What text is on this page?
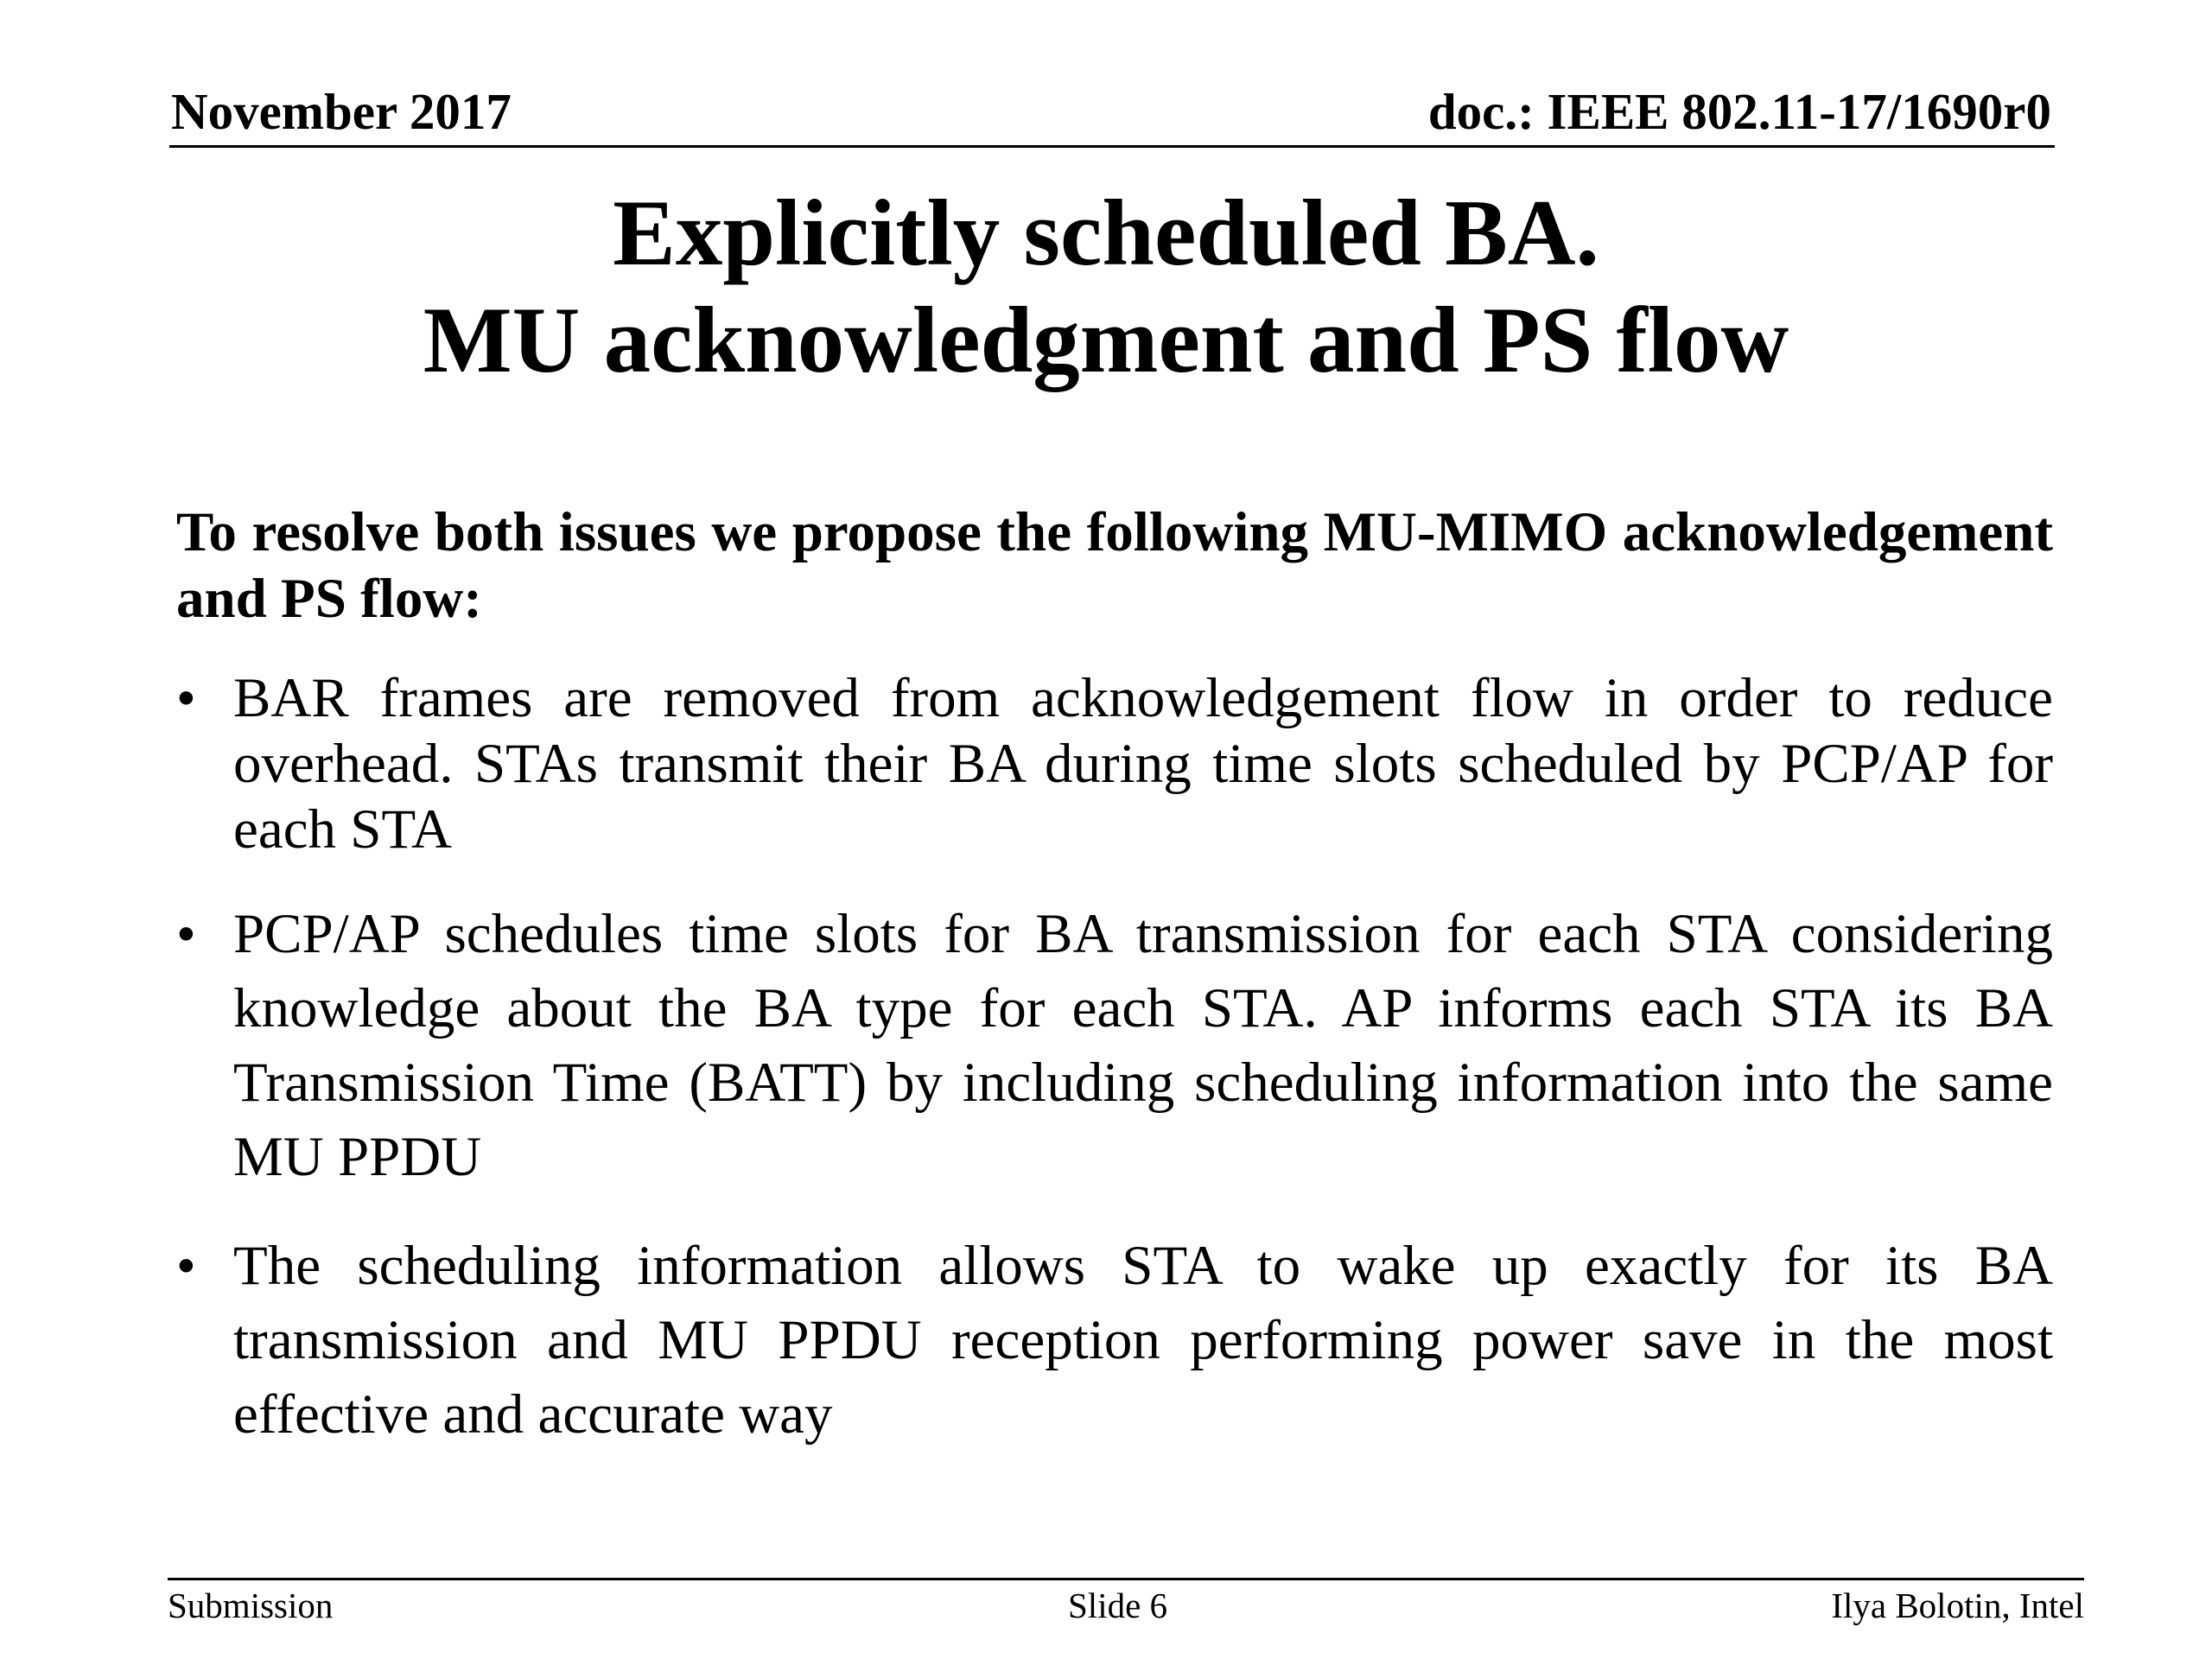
November 2017	doc.: IEEE 802.11-17/1690r0
Explicitly scheduled BA.
MU acknowledgment and PS flow
To resolve both issues we propose the following MU-MIMO acknowledgement and PS flow:
• BAR frames are removed from acknowledgement flow in order to reduce overhead. STAs transmit their BA during time slots scheduled by PCP/AP for each STA
• PCP/AP schedules time slots for BA transmission for each STA considering knowledge about the BA type for each STA. AP informs each STA its BA Transmission Time (BATT) by including scheduling information into the same MU PPDU
• The scheduling information allows STA to wake up exactly for its BA transmission and MU PPDU reception performing power save in the most effective and accurate way
Submission	Slide 6	Ilya Bolotin, Intel
